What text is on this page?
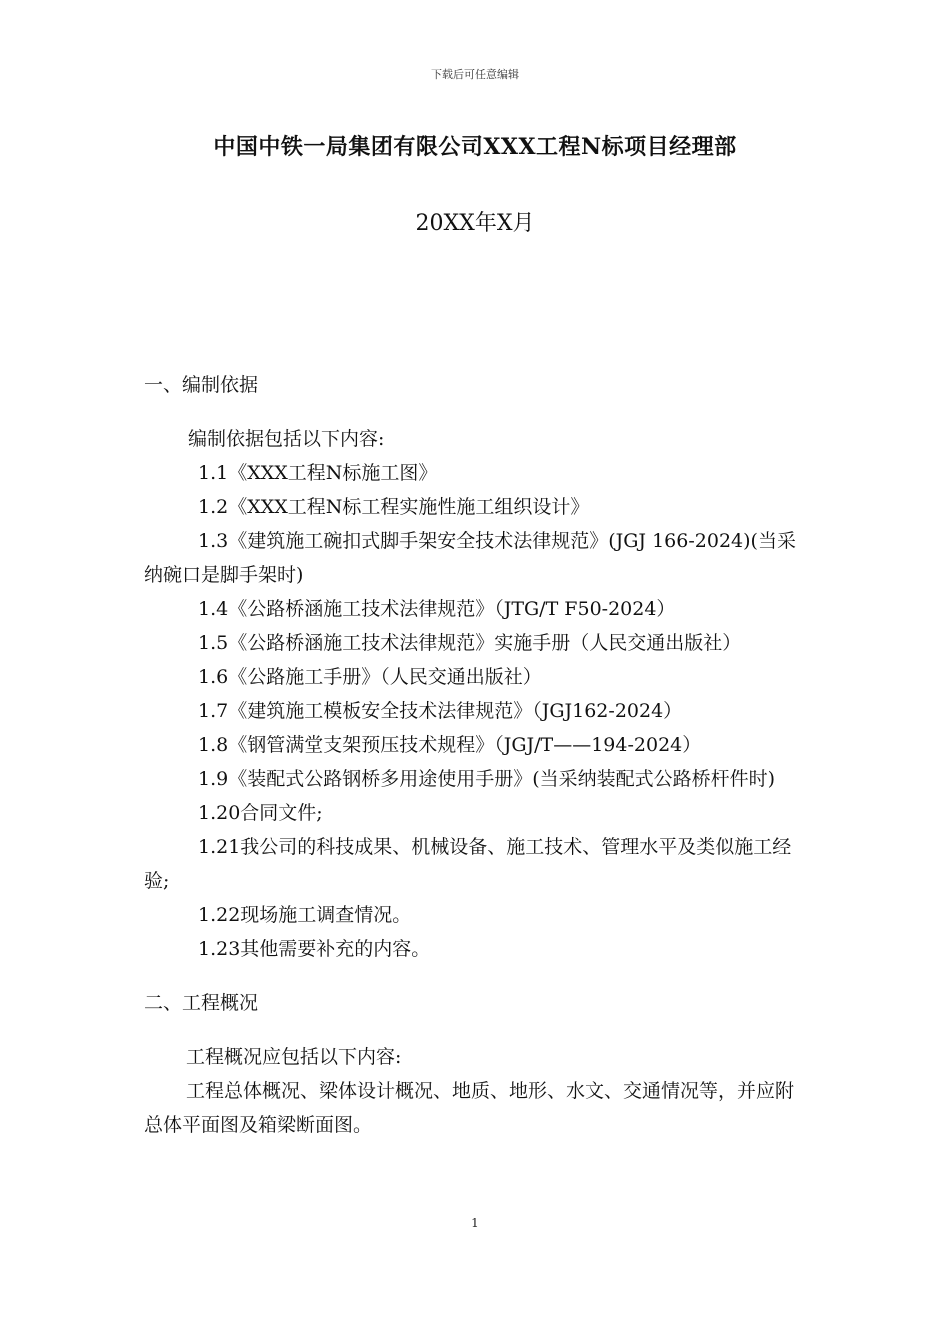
下载后可任意编辑
中国中铁一局集团有限公司XXX工程N标项目经理部
20XX年X月

一、编制依据

编制依据包括以下内容:

1.1《XXX工程N标施工图》

1.2《XXX工程N标工程实施性施工组织设计》

1.3《建筑施工碗扣式脚手架安全技术法律规范》(JGJ 166-2024)(当采纳碗口是脚手架时)

1.4《公路桥涵施工技术法律规范》（JTG/T F50-2024）

1.5《公路桥涵施工技术法律规范》实施手册（人民交通出版社）

1.6《公路施工手册》（人民交通出版社）

1.7《建筑施工模板安全技术法律规范》（JGJ162-2024）

1.8《钢管满堂支架预压技术规程》（JGJ/T——194-2024）

1.9《装配式公路钢桥多用途使用手册》(当采纳装配式公路桥杆件时)

1.20合同文件;

1.21我公司的科技成果、机械设备、施工技术、管理水平及类似施工经验;

1.22现场施工调查情况。

1.23其他需要补充的内容。

二、工程概况

工程概况应包括以下内容:

工程总体概况、梁体设计概况、地质、地形、水文、交通情况等，并应附总体平面图及箱梁断面图。

1
